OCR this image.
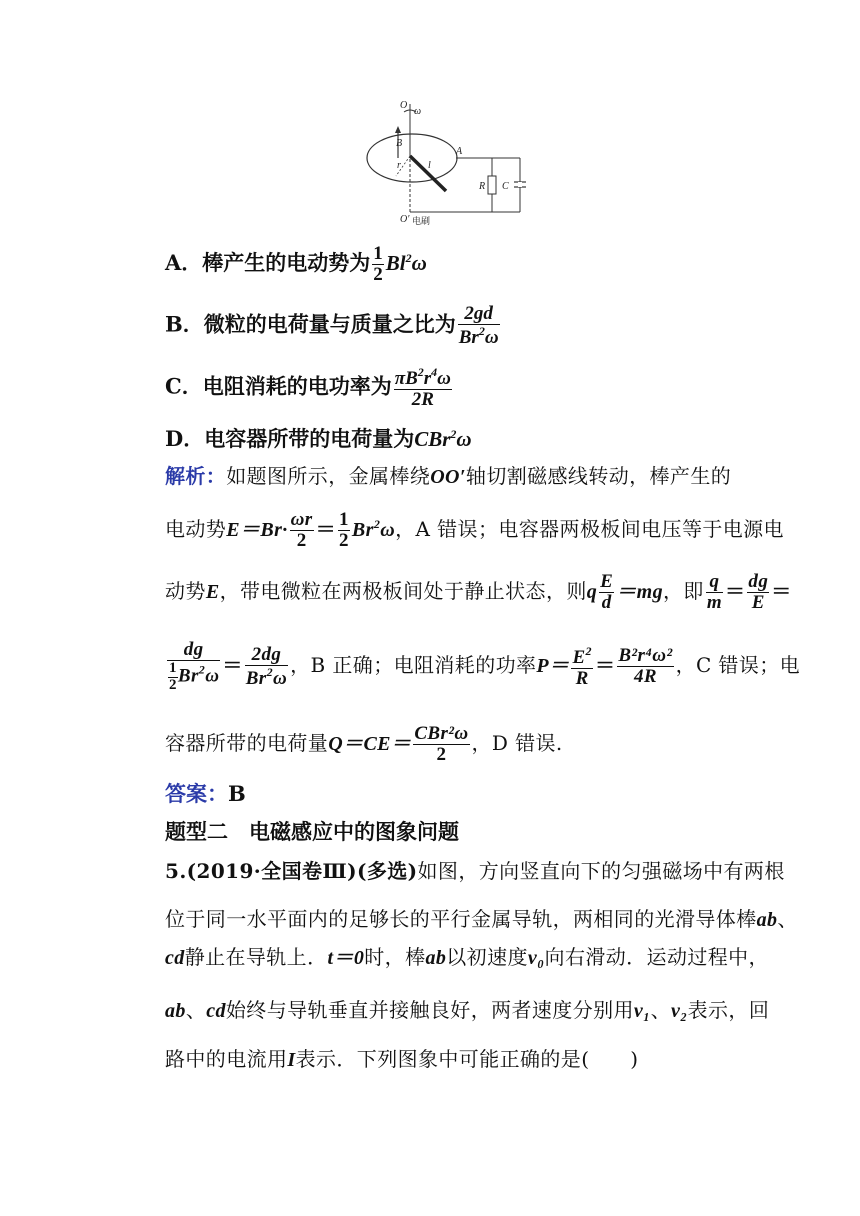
O
ω
B
r	l
A
R C
O′ 电刷
A．棒产生的电动势为 $\frac{1}{2} Bl^2\omega$
B．微粒的电荷量与质量之比为 $\frac{2gd}{Br^2\omega}$
C．电阻消耗的电功率为 $\frac{\pi B^2r^4\omega}{2R}$
D．电容器所带的电荷量为CBr$^2$ω
解析：如题图所示，金属棒绕OO′轴切割磁感线转动，棒产生的
电动势$E=Br\cdot \frac{\omega r}{2} = \frac{1}{2} Br^2\omega$，A 错误；电容器两极板间电压等于电源电
动势E，带电微粒在两极板间处于静止状态，则q $\frac{E}{d} =mg$，即 $\frac{q}{m} = \frac{dg}{E}$ ＝
$\frac{dg}{\frac{1}{2} Br^2\omega} = \frac{2dg}{Br^2\omega}$ ，B 正确；电阻消耗的功率$P= \frac{E^2}{R} = \frac{\text{B²r⁴ω²}}{4R}$ ，C 错误；电
容器所带的电荷量$Q=CE= \frac{\text{CBr²ω}}{2}$ ，D 错误.
答案：B
题型二　电磁感应中的图象问题
5.(2019·全国卷Ⅲ)(多选)如图，方向竖直向下的匀强磁场中有两根
位于同一水平面内的足够长的平行金属导轨，两相同的光滑导体棒ab、
cd静止在导轨上．t＝0时，棒ab以初速度v₀向右滑动．运动过程中，
ab、cd始终与导轨垂直并接触良好，两者速度分别用v₁、v₂表示，回
路中的电流用I表示．下列图象中可能正确的是(　　)
